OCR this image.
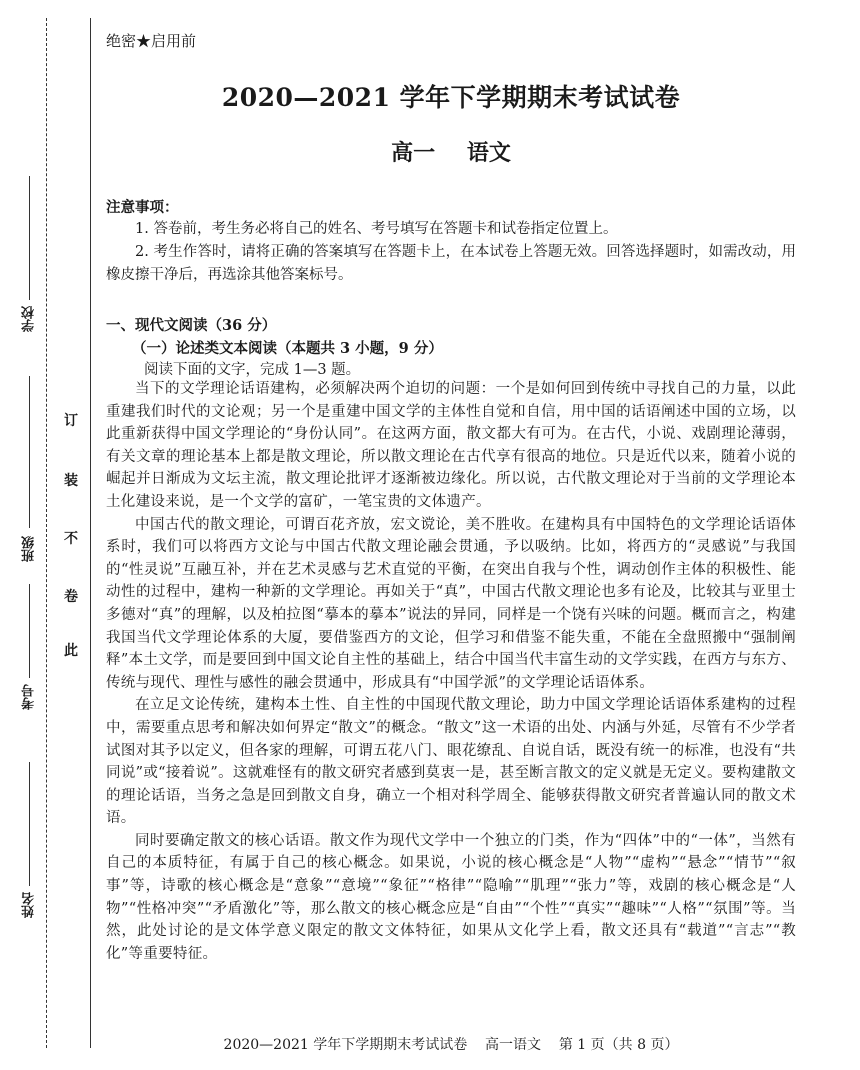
学校
班级
考号
姓名
订
装
不
卷
此
绝密★启用前
2020—2021 学年下学期期末考试试卷
高一 语文
注意事项：

1. 答卷前，考生务必将自己的姓名、考号填写在答题卡和试卷指定位置上。

2. 考生作答时，请将正确的答案填写在答题卡上，在本试卷上答题无效。回答选择题时，如需改动，用橡皮擦干净后，再选涂其他答案标号。

一、现代文阅读（36 分）
（一）论述类文本阅读（本题共 3 小题，9 分）
阅读下面的文字，完成 1—3 题。

当下的文学理论话语建构，必须解决两个迫切的问题：一个是如何回到传统中寻找自己的力量，以此重建我们时代的文论观；另一个是重建中国文学的主体性自觉和自信，用中国的话语阐述中国的立场，以此重新获得中国文学理论的“身份认同”。在这两方面，散文都大有可为。在古代，小说、戏剧理论薄弱，有关文章的理论基本上都是散文理论，所以散文理论在古代享有很高的地位。只是近代以来，随着小说的崛起并日渐成为文坛主流，散文理论批评才逐渐被边缘化。所以说，古代散文理论对于当前的文学理论本土化建设来说，是一个文学的富矿，一笔宝贵的文体遗产。

中国古代的散文理论，可谓百花齐放，宏文谠论，美不胜收。在建构具有中国特色的文学理论话语体系时，我们可以将西方文论与中国古代散文理论融会贯通，予以吸纳。比如，将西方的“灵感说”与我国的“性灵说”互融互补，并在艺术灵感与艺术直觉的平衡，在突出自我与个性，调动创作主体的积极性、能动性的过程中，建构一种新的文学理论。再如关于“真”，中国古代散文理论也多有论及，比较其与亚里士多德对“真”的理解，以及柏拉图“摹本的摹本”说法的异同，同样是一个饶有兴味的问题。概而言之，构建我国当代文学理论体系的大厦，要借鉴西方的文论，但学习和借鉴不能失重，不能在全盘照搬中“强制阐释”本土文学，而是要回到中国文论自主性的基础上，结合中国当代丰富生动的文学实践，在西方与东方、传统与现代、理性与感性的融会贯通中，形成具有“中国学派”的文学理论话语体系。

在立足文论传统，建构本土性、自主性的中国现代散文理论，助力中国文学理论话语体系建构的过程中，需要重点思考和解决如何界定“散文”的概念。“散文”这一术语的出处、内涵与外延，尽管有不少学者试图对其予以定义，但各家的理解，可谓五花八门、眼花缭乱、自说自话，既没有统一的标准，也没有“共同说”或“接着说”。这就难怪有的散文研究者感到莫衷一是，甚至断言散文的定义就是无定义。要构建散文的理论话语，当务之急是回到散文自身，确立一个相对科学周全、能够获得散文研究者普遍认同的散文术语。

同时要确定散文的核心话语。散文作为现代文学中一个独立的门类，作为“四体”中的“一体”，当然有自己的本质特征，有属于自己的核心概念。如果说，小说的核心概念是“人物”“虚构”“悬念”“情节”“叙事”等，诗歌的核心概念是“意象”“意境”“象征”“格律”“隐喻”“肌理”“张力”等，戏剧的核心概念是“人物”“性格冲突”“矛盾激化”等，那么散文的核心概念应是“自由”“个性”“真实”“趣味”“人格”“氛围”等。当然，此处讨论的是文体学意义限定的散文文体特征，如果从文化学上看，散文还具有“载道”“言志”“教化”等重要特征。

2020—2021 学年下学期期末考试试卷    高一语文    第 1 页（共 8 页）
